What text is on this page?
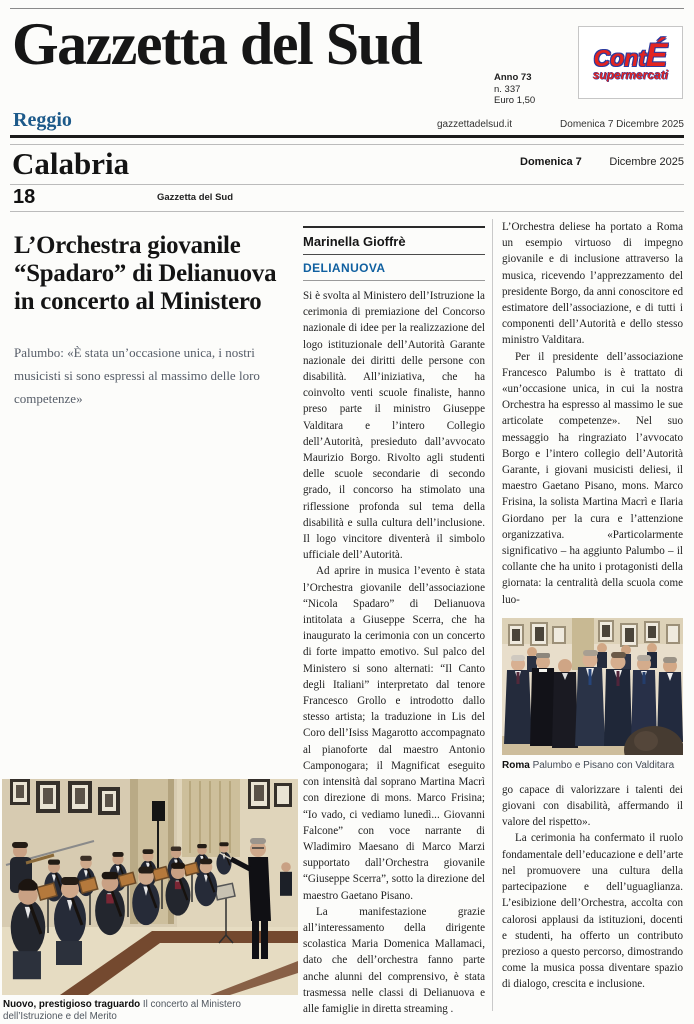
Gazzetta del Sud
Anno 73
n. 337
Euro 1,50
ContÉ
supermercati
Reggio	gazzettadelsud.it	Domenica 7 Dicembre 2025
Calabria	Domenica 7	Dicembre 2025
18	Gazzetta del Sud
L’Orchestra giovanile “Spadaro” di Delianuova in concerto al Ministero
Palumbo: «È stata un’occasione unica, i nostri musicisti si sono espressi al massimo delle loro competenze»
Marinella Gioffrè
DELIANUOVA

Si è svolta al Ministero dell’Istruzione la cerimonia di premiazione del Concorso nazionale di idee per la realizzazione del logo istituzionale dell’Autorità Garante nazionale dei diritti delle persone con disabilità. All’iniziativa, che ha coinvolto venti scuole finaliste, hanno preso parte il ministro Giuseppe Valditara e l’intero Collegio dell’Autorità, presieduto dall’avvocato Maurizio Borgo. Rivolto agli studenti delle scuole secondarie di secondo grado, il concorso ha stimolato una riflessione profonda sul tema della disabilità e sulla cultura dell’inclusione. Il logo vincitore diventerà il simbolo ufficiale dell’Autorità.

Ad aprire in musica l’evento è stata l’Orchestra giovanile dell’associazione “Nicola Spadaro” di Delianuova intitolata a Giuseppe Scerra, che ha inaugurato la cerimonia con un concerto di forte impatto emotivo. Sul palco del Ministero si sono alternati: “Il Canto degli Italiani” interpretato dal tenore Francesco Grollo e introdotto dallo stesso artista; la traduzione in Lis del Coro dell’Isiss Magarotto accompagnato al pianoforte dal maestro Antonio Camponogara; il Magnificat eseguito con intensità dal soprano Martina Macrì con direzione di mons. Marco Frisina; “Io vado, ci vediamo lunedì... Giovanni Falcone” con voce narrante di Wladimiro Maesano di Marco Marzi supportato dall’Orchestra giovanile “Giuseppe Scerra”, sotto la direzione del maestro Gaetano Pisano.

La manifestazione grazie all’interessamento della dirigente scolastica Maria Domenica Mallamaci, dato che dell’orchestra fanno parte anche alunni del comprensivo, è stata trasmessa nelle classi di Delianuova e alle famiglie in diretta streaming .

L’Orchestra deliese ha portato a Roma un esempio virtuoso di impegno giovanile e di inclusione attraverso la musica, ricevendo l’apprezzamento del presidente Borgo, da anni conoscitore ed estimatore dell’associazione, e di tutti i componenti dell’Autorità e dello stesso ministro Valditara.

Per il presidente dell’associazione Francesco Palumbo is è trattato di «un’occasione unica, in cui la nostra Orchestra ha espresso al massimo le sue articolate competenze». Nel suo messaggio ha ringraziato l’avvocato Borgo e l’intero collegio dell’Autorità Garante, i giovani musicisti deliesi, il maestro Gaetano Pisano, mons. Marco Frisina, la solista Martina Macrì e Ilaria Giordano per la cura e l’attenzione organizzativa. «Particolarmente significativo – ha aggiunto Palumbo – il collante che ha unito i protagonisti della giornata: la centralità della scuola come luo-

Roma Palumbo e Pisano con Valditara

go capace di valorizzare i talenti dei giovani con disabilità, affermando il valore del rispetto».

La cerimonia ha confermato il ruolo fondamentale dell’educazione e dell’arte nel promuovere una cultura della partecipazione e dell’uguaglianza. L’esibizione dell’Orchestra, accolta con calorosi applausi da istituzioni, docenti e studenti, ha offerto un contributo prezioso a questo percorso, dimostrando come la musica possa diventare spazio di dialogo, crescita e inclusione.

Nuovo, prestigioso traguardo Il concerto al Ministero dell’Istruzione e del Merito
